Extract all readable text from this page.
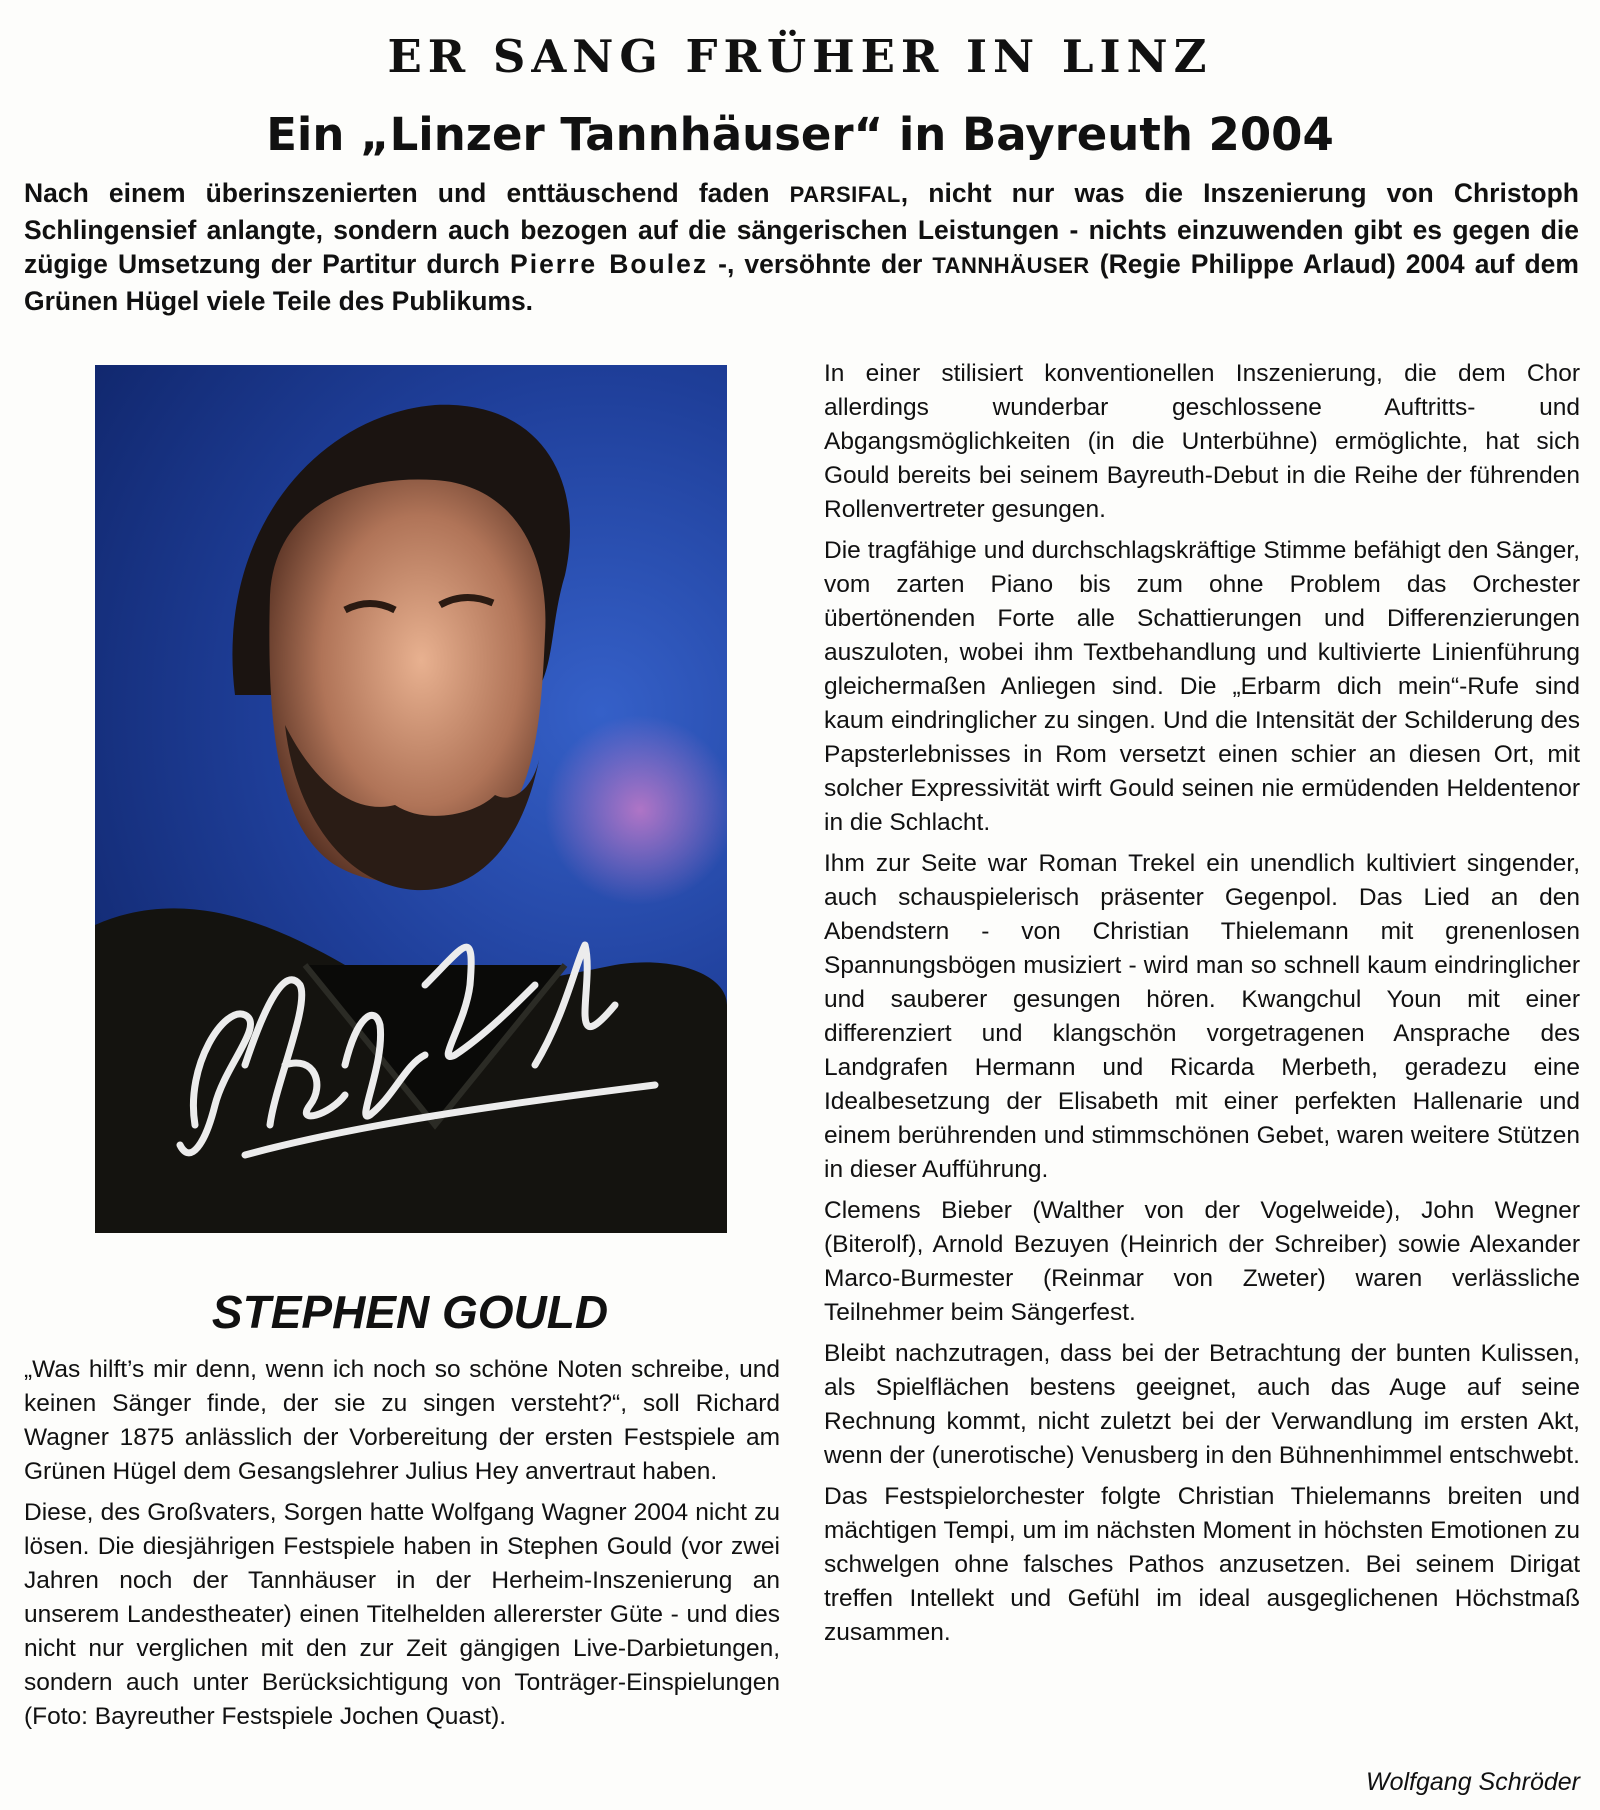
ER SANG FRÜHER IN LINZ
Ein „Linzer Tannhäuser“ in Bayreuth 2004

Nach einem überinszenierten und enttäuschend faden PARSIFAL, nicht nur was die Inszenierung von Christoph Schlingensief anlangte, sondern auch bezogen auf die sängerischen Leistungen - nichts einzuwenden gibt es gegen die zügige Umsetzung der Partitur durch Pierre Boulez -, versöhnte der TANNHÄUSER (Regie Philippe Arlaud) 2004 auf dem Grünen Hügel viele Teile des Publikums.

STEPHEN GOULD

„Was hilft’s mir denn, wenn ich noch so schöne Noten schreibe, und keinen Sänger finde, der sie zu singen versteht?“, soll Richard Wagner 1875 anlässlich der Vorbereitung der ersten Festspiele am Grünen Hügel dem Gesangslehrer Julius Hey anvertraut haben.

Diese, des Großvaters, Sorgen hatte Wolfgang Wagner 2004 nicht zu lösen. Die diesjährigen Festspiele haben in Stephen Gould (vor zwei Jahren noch der Tannhäuser in der Herheim-Inszenierung an unserem Landestheater) einen Titelhelden allererster Güte - und dies nicht nur verglichen mit den zur Zeit gängigen Live-Darbietungen, sondern auch unter Berücksichtigung von Tonträger-Einspielungen (Foto: Bayreuther Festspiele Jochen Quast).

In einer stilisiert konventionellen Inszenierung, die dem Chor allerdings wunderbar geschlossene Auftritts- und Abgangsmöglichkeiten (in die Unterbühne) ermöglichte, hat sich Gould bereits bei seinem Bayreuth-Debut in die Reihe der führenden Rollenvertreter gesungen.

Die tragfähige und durchschlagskräftige Stimme befähigt den Sänger, vom zarten Piano bis zum ohne Problem das Orchester übertönenden Forte alle Schattierungen und Differenzierungen auszuloten, wobei ihm Textbehandlung und kultivierte Linienführung gleichermaßen Anliegen sind. Die „Erbarm dich mein“-Rufe sind kaum eindringlicher zu singen. Und die Intensität der Schilderung des Papsterlebnisses in Rom versetzt einen schier an diesen Ort, mit solcher Expressivität wirft Gould seinen nie ermüdenden Heldentenor in die Schlacht.

Ihm zur Seite war Roman Trekel ein unendlich kultiviert singender, auch schauspielerisch präsenter Gegenpol. Das Lied an den Abendstern - von Christian Thielemann mit grenenlosen Spannungsbögen musiziert - wird man so schnell kaum eindringlicher und sauberer gesungen hören. Kwangchul Youn mit einer differenziert und klangschön vorgetragenen Ansprache des Landgrafen Hermann und Ricarda Merbeth, geradezu eine Idealbesetzung der Elisabeth mit einer perfekten Hallenarie und einem berührenden und stimmschönen Gebet, waren weitere Stützen in dieser Aufführung.

Clemens Bieber (Walther von der Vogelweide), John Wegner (Biterolf), Arnold Bezuyen (Heinrich der Schreiber) sowie Alexander Marco-Burmester (Reinmar von Zweter) waren verlässliche Teilnehmer beim Sängerfest.

Bleibt nachzutragen, dass bei der Betrachtung der bunten Kulissen, als Spielflächen bestens geeignet, auch das Auge auf seine Rechnung kommt, nicht zuletzt bei der Verwandlung im ersten Akt, wenn der (unerotische) Venusberg in den Bühnenhimmel entschwebt.

Das Festspielorchester folgte Christian Thielemanns breiten und mächtigen Tempi, um im nächsten Moment in höchsten Emotionen zu schwelgen ohne falsches Pathos anzusetzen. Bei seinem Dirigat treffen Intellekt und Gefühl im ideal ausgeglichenen Höchstmaß zusammen.

Wolfgang Schröder
